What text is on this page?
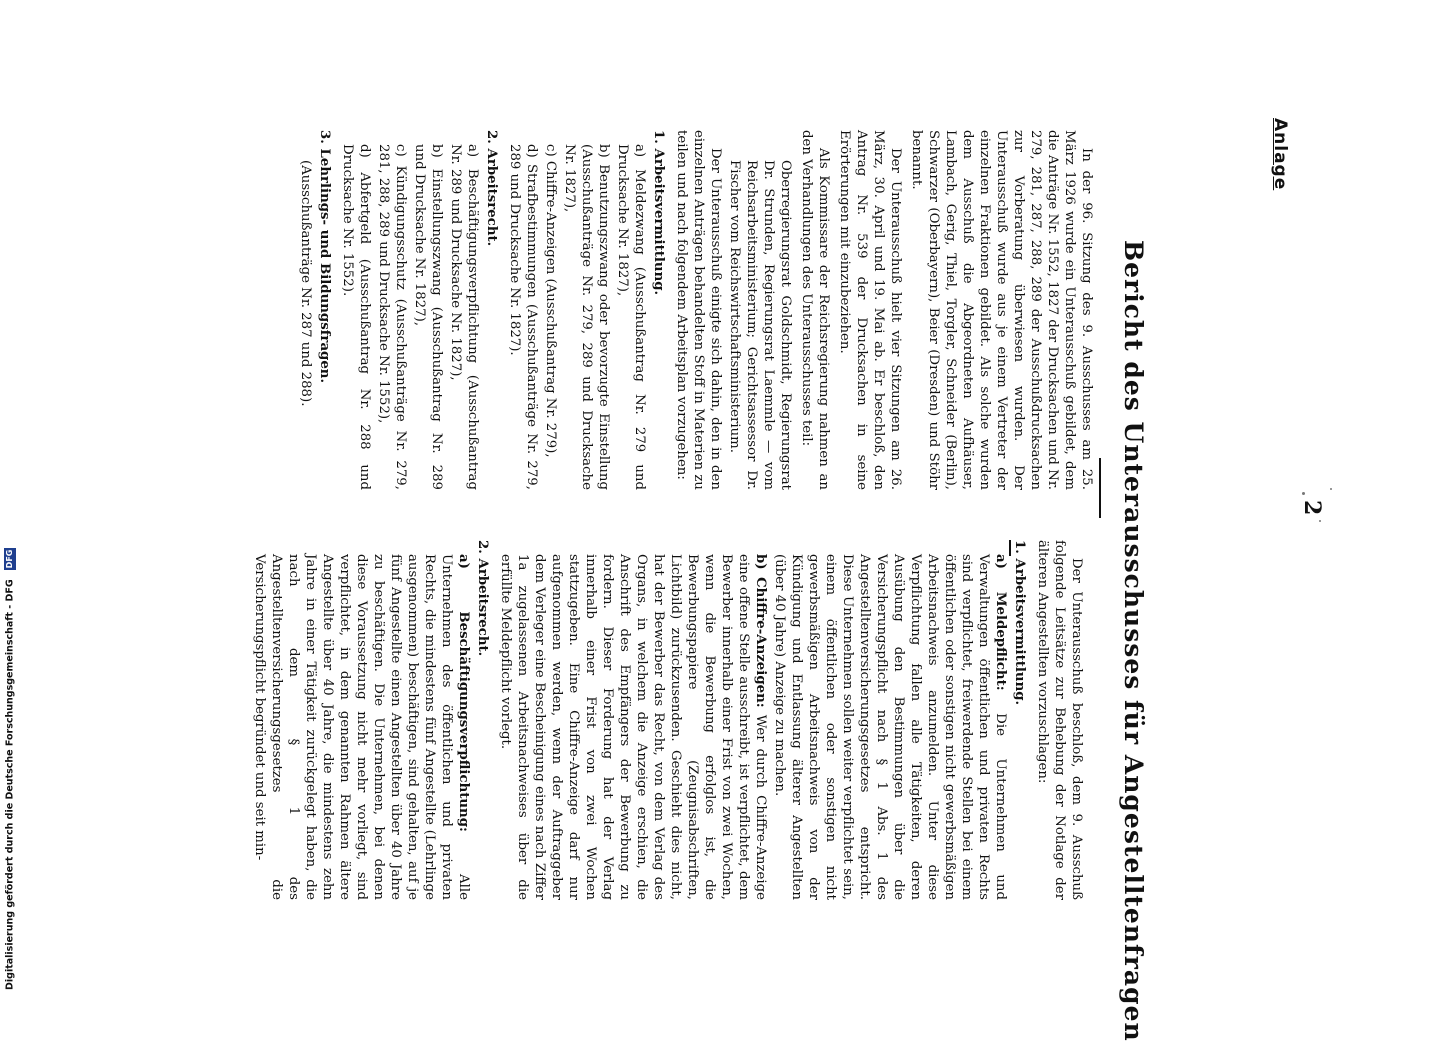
Anlage
Bericht des Unterausschusses für Angestelltenfragen	2

In der 96. Sitzung des 9. Ausschusses am 25. März 1926 wurde ein Unterausschuß gebildet, dem die Anträge Nr. 1552, 1827 der Drucksachen und Nr. 279, 281, 287, 288, 289 der Ausschußdrucksachen zur Vorberatung überwiesen wurden. Der Unterausschuß wurde aus je einem Vertreter der einzelnen Fraktionen gebildet. Als solche wurden dem Ausschuß die Abgeordneten Aufhäuser, Lambach, Gerig, Thiel, Torgler, Schneider (Berlin), Schwarzer (Oberbayern), Beier (Dresden) und Stöhr benannt.

Der Unterausschuß hielt vier Sitzungen am 26. März, 30. April und 19. Mai ab. Er beschloß, den Antrag Nr. 539 der Drucksachen in seine Erörterungen mit einzubeziehen.

Als Kommissare der Reichsregierung nahmen an den Verhandlungen des Unterausschusses teil:

Oberregierungsrat Goldschmidt, Regierungsrat Dr. Strunden, Regierungsrat Laemmle — vom Reichsarbeitsministerium; Gerichtsassessor Dr. Fischer vom Reichswirtschaftsministerium.

Der Unterausschuß einigte sich dahin, den in den einzelnen Anträgen behandelten Stoff in Materien zu teilen und nach folgendem Arbeitsplan vorzugehen:

1. Arbeitsvermittlung.
a) Meldezwang (Ausschußantrag Nr. 279 und Drucksache Nr. 1827),
b) Benutzungszwang oder bevorzugte Einstellung (Ausschußanträge Nr. 279, 289 und Drucksache Nr. 1827),
c) Chiffre-Anzeigen (Ausschußantrag Nr. 279),
d) Strafbestimmungen (Ausschußanträge Nr. 279, 289 und Drucksache Nr. 1827).
2. Arbeitsrecht.
a) Beschäftigungsverpflichtung (Ausschußantrag Nr. 289 und Drucksache Nr. 1827),
b) Einstellungszwang (Ausschußantrag Nr. 289 und Drucksache Nr. 1827),
c) Kündigungsschutz (Ausschußanträge Nr. 279, 281, 288, 289 und Drucksache Nr. 1552),
d) Abfertgeld (Ausschußantrag Nr. 288 und Drucksache Nr. 1552).
3. Lehrlings- und Bildungsfragen.
(Ausschußanträge Nr. 287 und 288).

Der Unterausschuß beschloß, dem 9. Ausschuß folgende Leitsätze zur Behebung der Notlage der älteren Angestellten vorzuschlagen:

1. Arbeitsvermittlung.

a) Meldepflicht: Die Unternehmen und Verwaltungen öffentlichen und privaten Rechts sind verpflichtet, freiwerdende Stellen bei einem öffentlichen oder sonstigen nicht gewerbsmäßigen Arbeitsnachweis anzumelden. Unter diese Verpflichtung fallen alle Tätigkeiten, deren Ausübung den Bestimmungen über die Versicherungspflicht nach § 1 Abs. 1 des Angestelltenversicherungsgesetzes entspricht. Diese Unternehmen sollen weiter verpflichtet sein, einem öffentlichen oder sonstigen nicht gewerbsmäßigen Arbeitsnachweis von der Kündigung und Entlassung älterer Angestellten (über 40 Jahre) Anzeige zu machen.

b) Chiffre-Anzeigen: Wer durch Chiffre-Anzeige eine offene Stelle ausschreibt, ist verpflichtet, dem Bewerber innerhalb einer Frist von zwei Wochen, wenn die Bewerbung erfolglos ist, die Bewerbungspapiere (Zeugnisabschriften, Lichtbild) zurückzusenden. Geschieht dies nicht, hat der Bewerber das Recht, von dem Verlag des Organs, in welchem die Anzeige erschien, die Anschrift des Empfängers der Bewerbung zu fordern. Dieser Forderung hat der Verlag innerhalb einer Frist von zwei Wochen stattzugeben. Eine Chiffre-Anzeige darf nur aufgenommen werden, wenn der Auftraggeber dem Verleger eine Bescheinigung eines nach Ziffer 1a zugelassenen Arbeitsnachweises über die erfüllte Meldepflicht vorlegt.

2. Arbeitsrecht.

a) Beschäftigungsverpflichtung: Alle Unternehmen des öffentlichen und privaten Rechts, die mindestens fünf Angestellte (Lehrlinge ausgenommen) beschäftigen, sind gehalten, auf je fünf Angestellte einen Angestellten über 40 Jahre zu beschäftigen. Die Unternehmen, bei denen diese Voraussetzung nicht mehr vorliegt, sind verpflichtet, in dem genannten Rahmen ältere Angestellte über 40 Jahre, die mindestens zehn Jahre in einer Tätigkeit zurückgelegt haben, die nach dem § 1 des Angestelltenversicherungsgesetzes die Versicherungspflicht begründet und seit min-

Digitalisierung gefördert durch die Deutsche Forschungsgemeinschaft - DFG DFG
